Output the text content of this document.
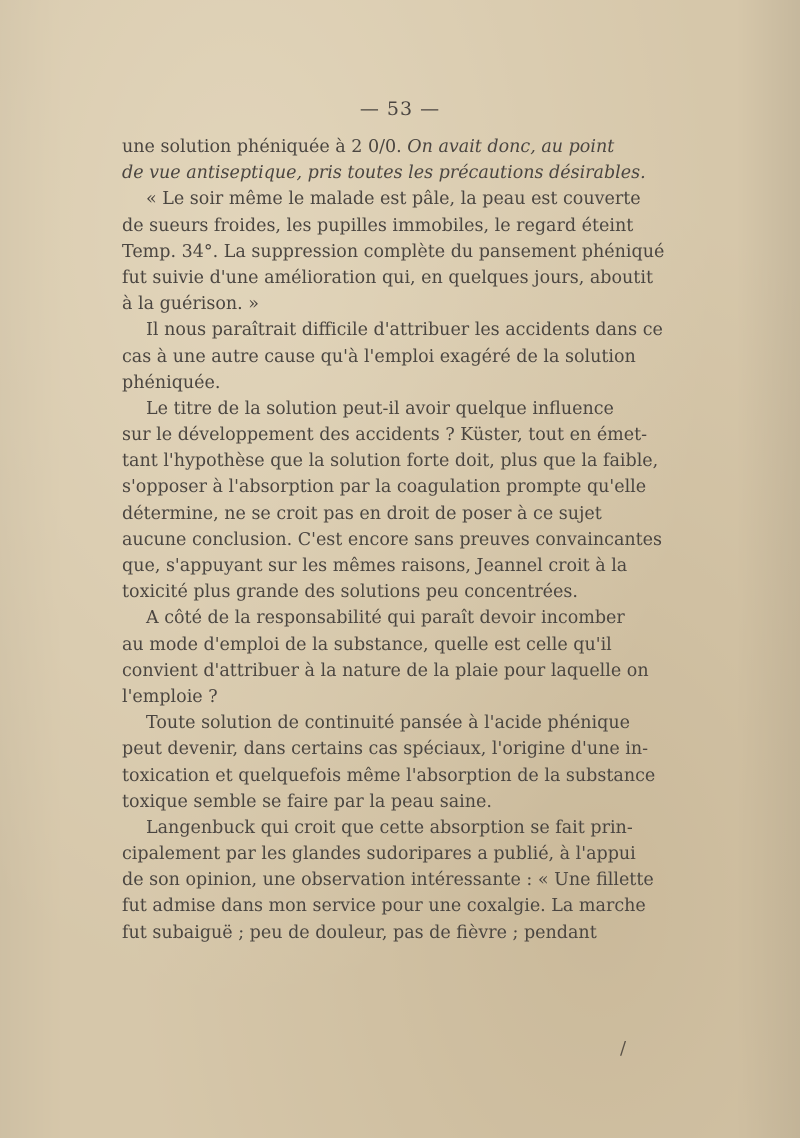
— 53 —
une solution phéniquée à 2 0/0. On avait donc, au point
de vue antiseptique, pris toutes les précautions désirables.
« Le soir même le malade est pâle, la peau est couverte
de sueurs froides, les pupilles immobiles, le regard éteint
Temp. 34°. La suppression complète du pansement phéniqué
fut suivie d'une amélioration qui, en quelques jours, aboutit
à la guérison. »
Il nous paraîtrait difficile d'attribuer les accidents dans ce
cas à une autre cause qu'à l'emploi exagéré de la solution
phéniquée.
Le titre de la solution peut-il avoir quelque influence
sur le développement des accidents ? Küster, tout en émet-
tant l'hypothèse que la solution forte doit, plus que la faible,
s'opposer à l'absorption par la coagulation prompte qu'elle
détermine, ne se croit pas en droit de poser à ce sujet
aucune conclusion. C'est encore sans preuves convaincantes
que, s'appuyant sur les mêmes raisons, Jeannel croit à la
toxicité plus grande des solutions peu concentrées.
A côté de la responsabilité qui paraît devoir incomber
au mode d'emploi de la substance, quelle est celle qu'il
convient d'attribuer à la nature de la plaie pour laquelle on
l'emploie ?
Toute solution de continuité pansée à l'acide phénique
peut devenir, dans certains cas spéciaux, l'origine d'une in-
toxication et quelquefois même l'absorption de la substance
toxique semble se faire par la peau saine.
Langenbuck qui croit que cette absorption se fait prin-
cipalement par les glandes sudoripares a publié, à l'appui
de son opinion, une observation intéressante : « Une fillette
fut admise dans mon service pour une coxalgie. La marche
fut subaiguë ; peu de douleur, pas de fièvre ; pendant
/
